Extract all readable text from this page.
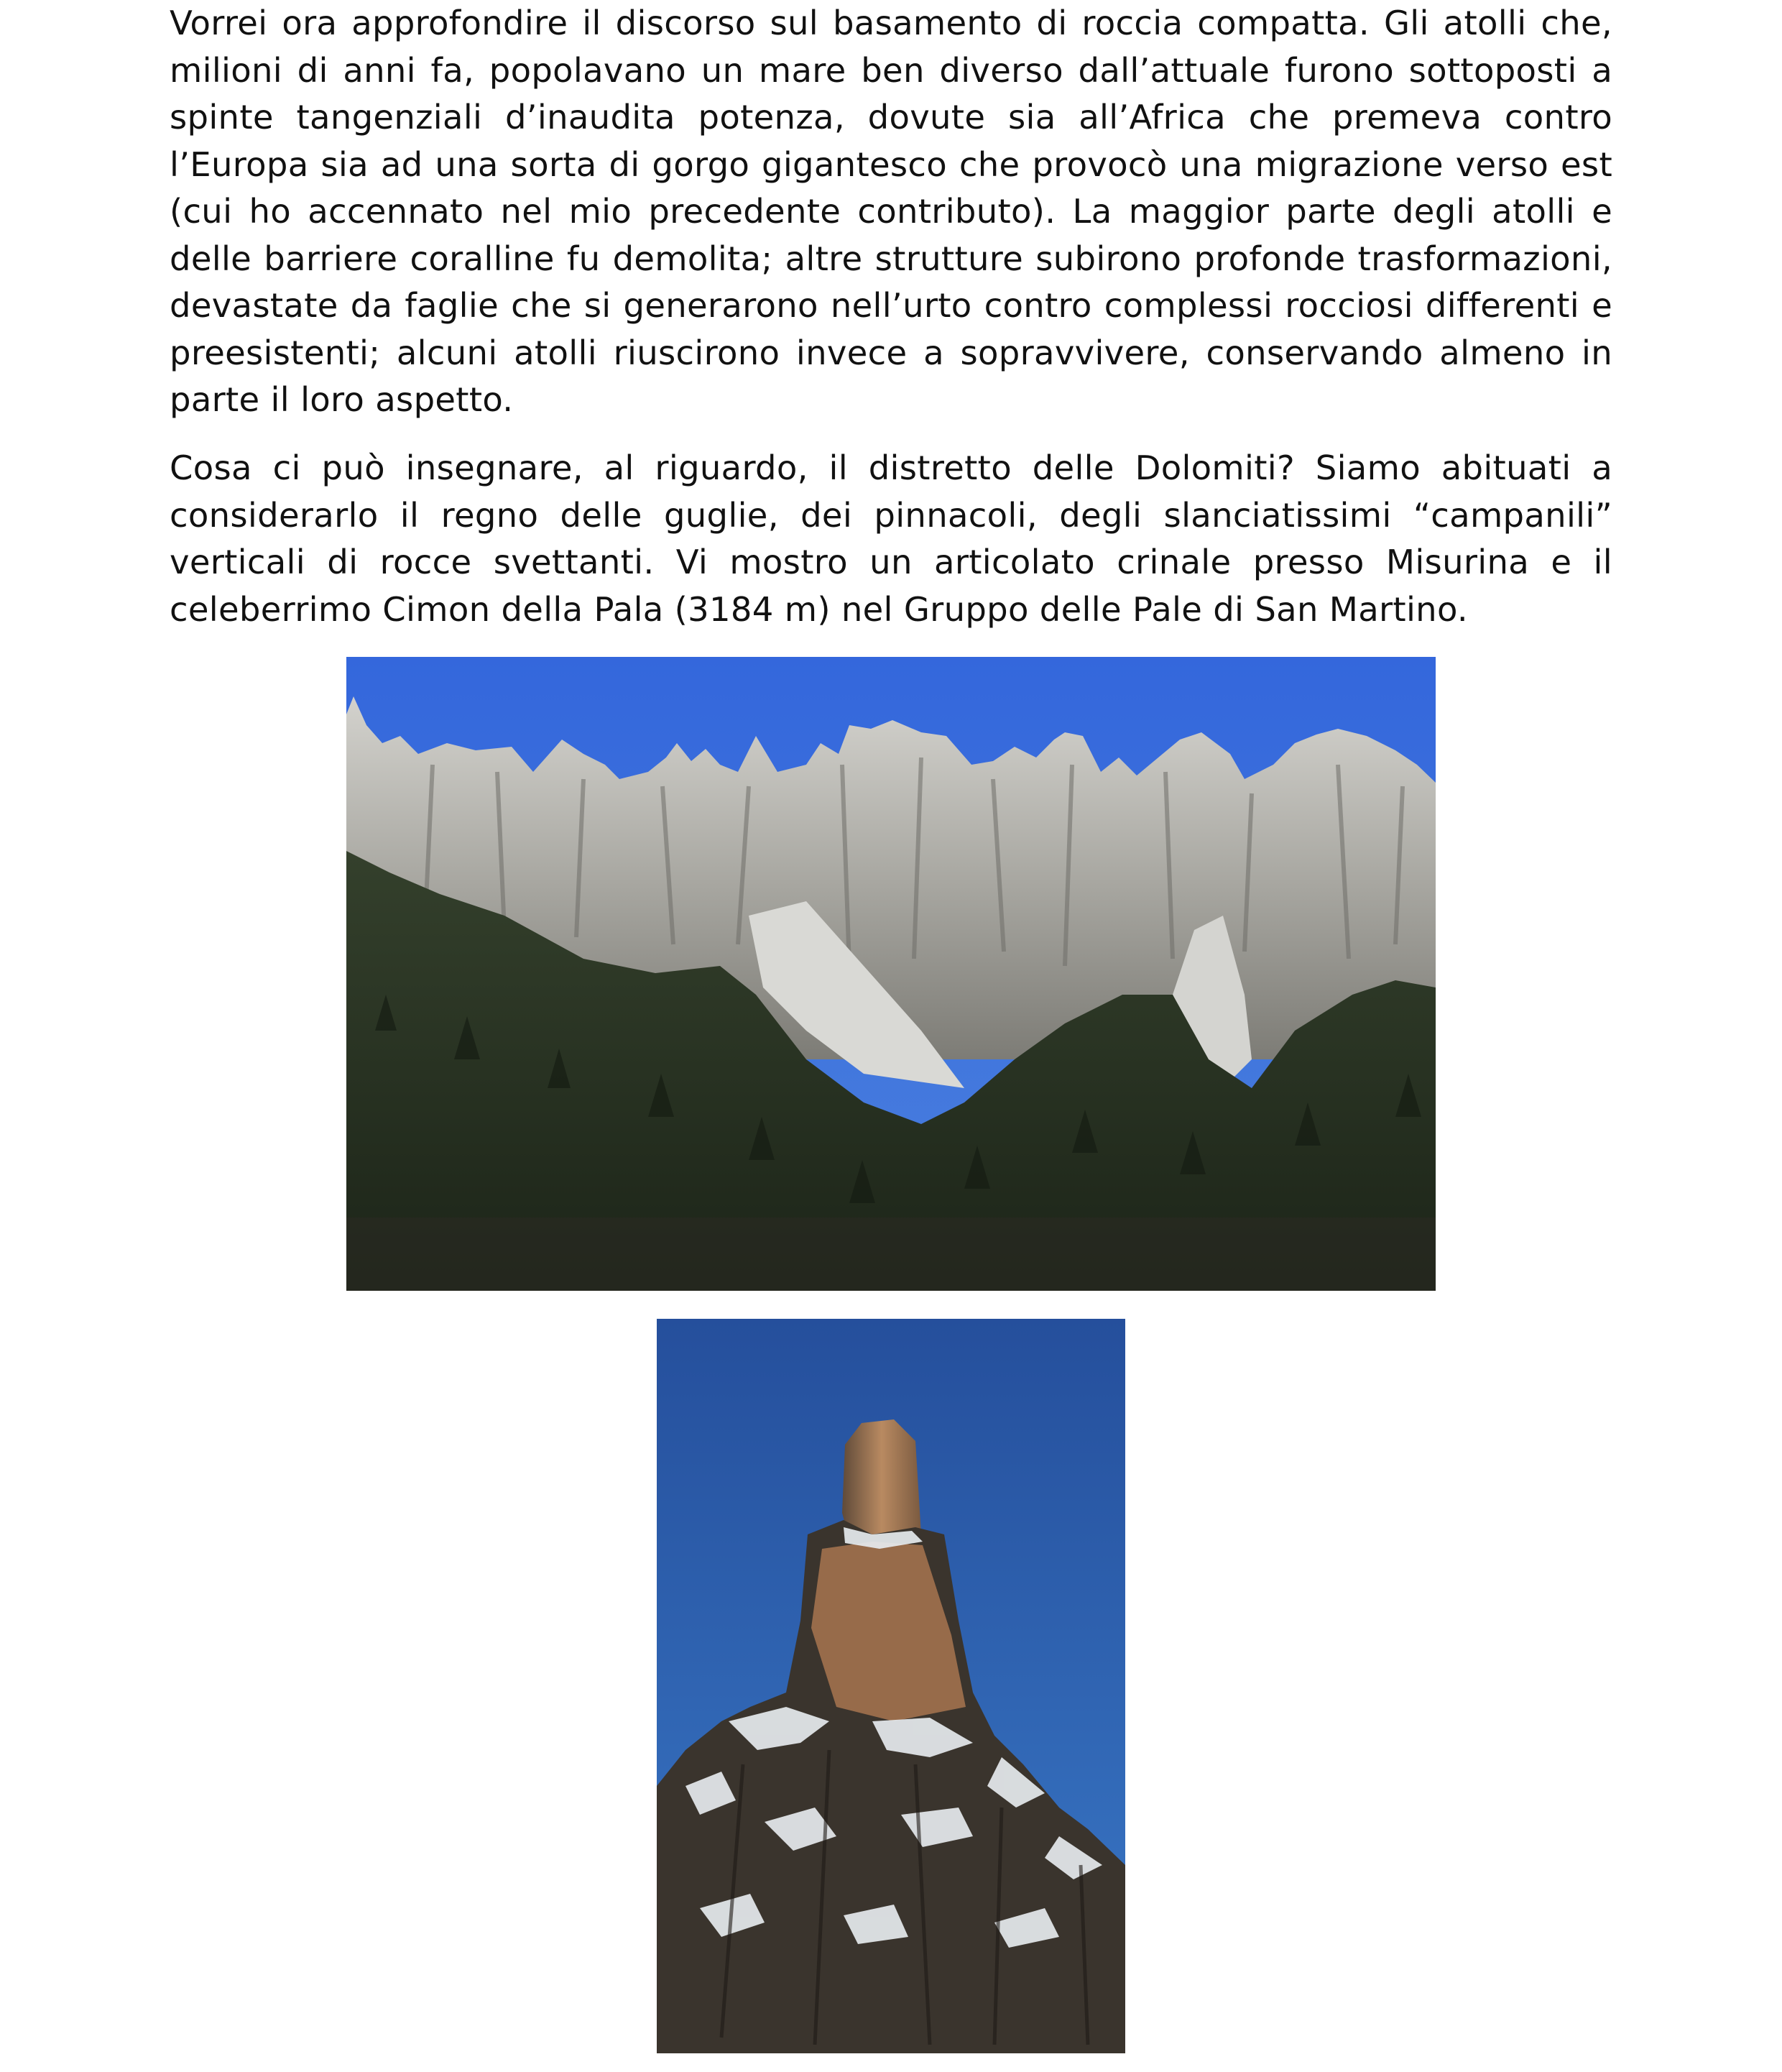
Vorrei ora approfondire il discorso sul basamento di roccia compatta. Gli atolli che, milioni di anni fa, popolavano un mare ben diverso dall’attuale furono sottoposti a spinte tangenziali d’inaudita potenza, dovute sia all’Africa che premeva contro l’Europa sia ad una sorta di gorgo gigantesco che provocò una migrazione verso est (cui ho accennato nel mio precedente contributo). La maggior parte degli atolli e delle barriere coralline fu demolita; altre strutture subirono profonde trasformazioni, devastate da faglie che si generarono nell’urto contro complessi rocciosi differenti e preesistenti; alcuni atolli riuscirono invece a sopravvivere, conservando almeno in parte il loro aspetto.

Cosa ci può insegnare, al riguardo, il distretto delle Dolomiti? Siamo abituati a considerarlo il regno delle guglie, dei pinnacoli, degli slanciatissimi “campanili” verticali di rocce svettanti. Vi mostro un articolato crinale presso Misurina e il celeberrimo Cimon della Pala (3184 m) nel Gruppo delle Pale di San Martino.
